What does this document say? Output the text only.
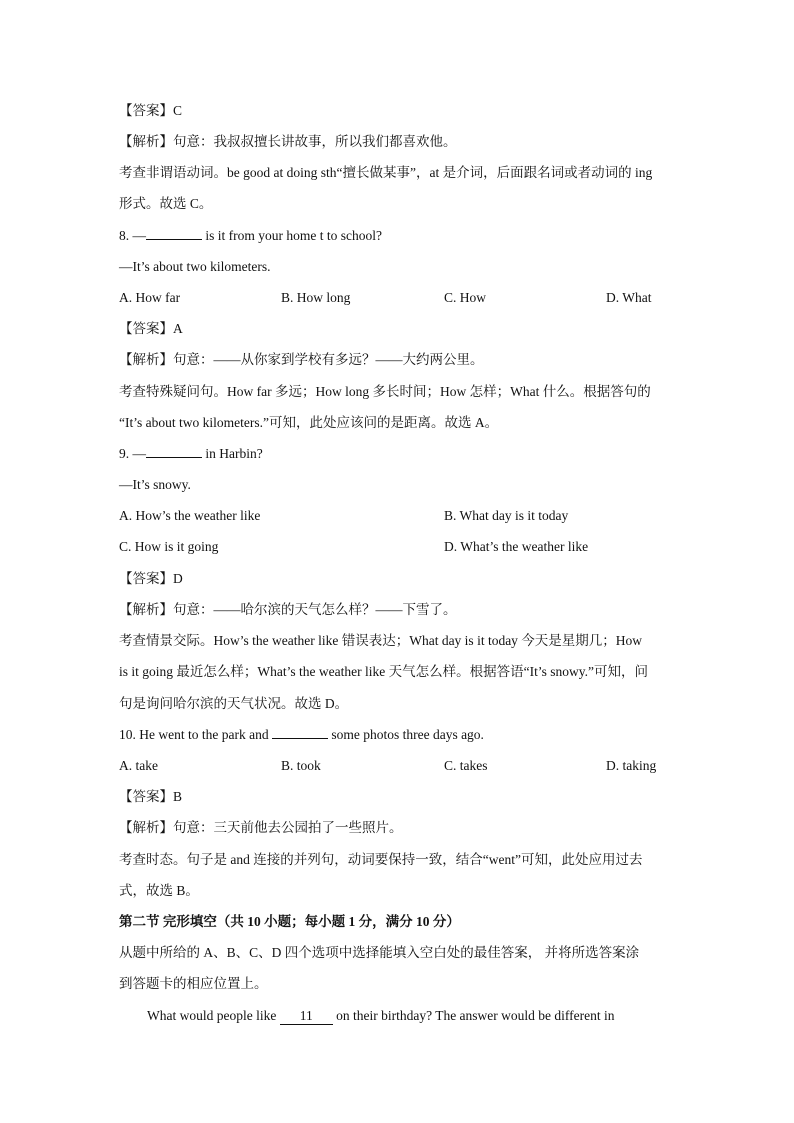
【答案】C
【解析】句意：我叔叔擅长讲故事，所以我们都喜欢他。
考查非谓语动词。be good at doing sth“擅长做某事”，at 是介词，后面跟名词或者动词的 ing
形式。故选 C。
8. —	is it from your home t to school?
—It’s about two kilometers.
A. How far	B. How long	C. How	D. What
【答案】A
【解析】句意：——从你家到学校有多远？——大约两公里。
考查特殊疑问句。How far 多远；How long 多长时间；How 怎样；What 什么。根据答句的
“It’s about two kilometers.”可知，此处应该问的是距离。故选 A。
9. —	in Harbin?
—It’s snowy.
A. How’s the weather like	B. What day is it today
C. How is it going	D. What’s the weather like
【答案】D
【解析】句意：——哈尔滨的天气怎么样？——下雪了。
考查情景交际。How’s the weather like 错误表达；What day is it today 今天是星期几；How
is it going 最近怎么样；What’s the weather like 天气怎么样。根据答语“It’s snowy.”可知，问
句是询问哈尔滨的天气状况。故选 D。
10. He went to the park and	some photos three days ago.
A. take	B. took	C. takes	D. taking
【答案】B
【解析】句意：三天前他去公园拍了一些照片。
考查时态。句子是 and 连接的并列句，动词要保持一致，结合“went”可知，此处应用过去
式，故选 B。
第二节 完形填空（共 10 小题；每小题 1 分，满分 10 分）
从题中所给的 A、B、C、D 四个选项中选择能填入空白处的最佳答案， 并将所选答案涂
到答题卡的相应位置上。
What would people like 11 on their birthday? The answer would be different in
